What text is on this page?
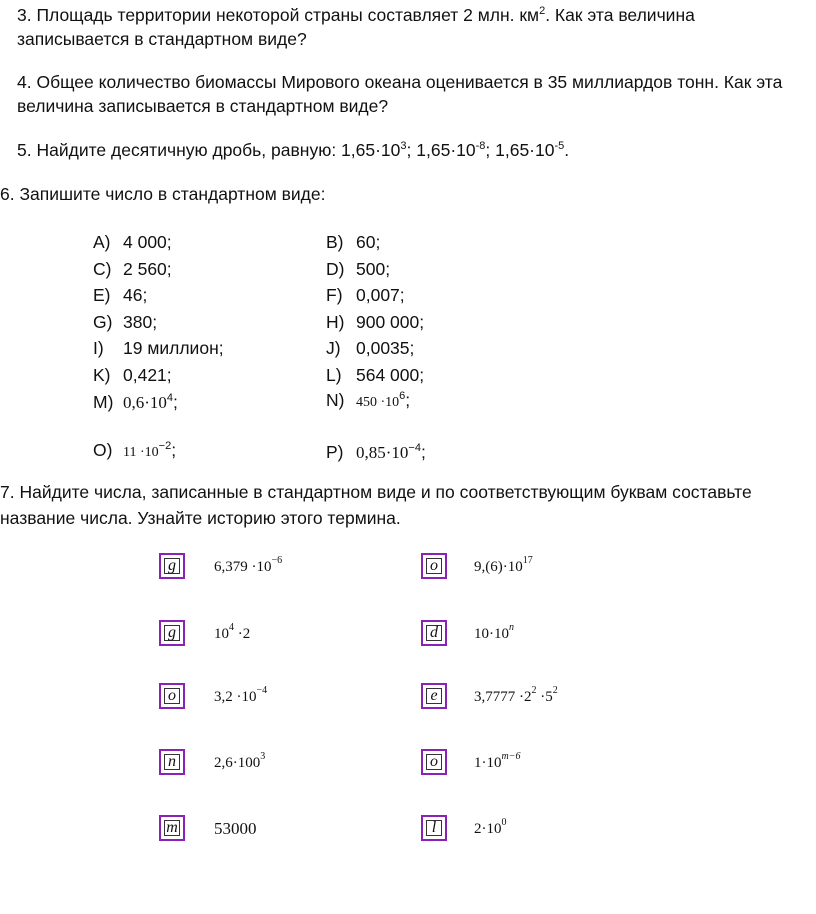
3. Площадь территории некоторой страны составляет 2 млн. $км^2$. Как эта величина
записывается в стандартном виде?
4. Общее количество биомассы Мирового океана оценивается в 35 миллиардов тонн. Как эта
величина записывается в стандартном виде?
5. Найдите десятичную дробь, равную: $1,65\cdot 10^3$; $1,65\cdot 10^{-8}$; $1,65\cdot 10^{-5}$.
6. Запишите число в стандартном виде:
A) 4 000;	B) 60;
C) 2 560;	D) 500;
E) 46;	F) 0,007;
G) 380;	H) 900 000;
I) 19 миллион;	J) 0,0035;
K) 0,421;	L) 564 000;
M) $0,6\cdot 10^4$;	N) $450 \cdot 10^6$;
O) $11 \cdot 10^{-2}$;	P) $0,85\cdot 10^{-4}$;
7. Найдите числа, записанные в стандартном виде и по соответствующим буквам составьте
название числа. Узнайте историю этого термина.
g	$6,379 \cdot 10^{-6}$	o $9,(6)\cdot 10^{17}$
g	$10^4 \cdot 2$	d $10\cdot 10^n$
o	$3,2 \cdot 10^{-4}$	e $3,7777 \cdot 2^2 \cdot 5^2$
n	$2,6\cdot 100^3$	o $1\cdot 10^{m-6}$
m 53000	l	$2\cdot 10^0$
